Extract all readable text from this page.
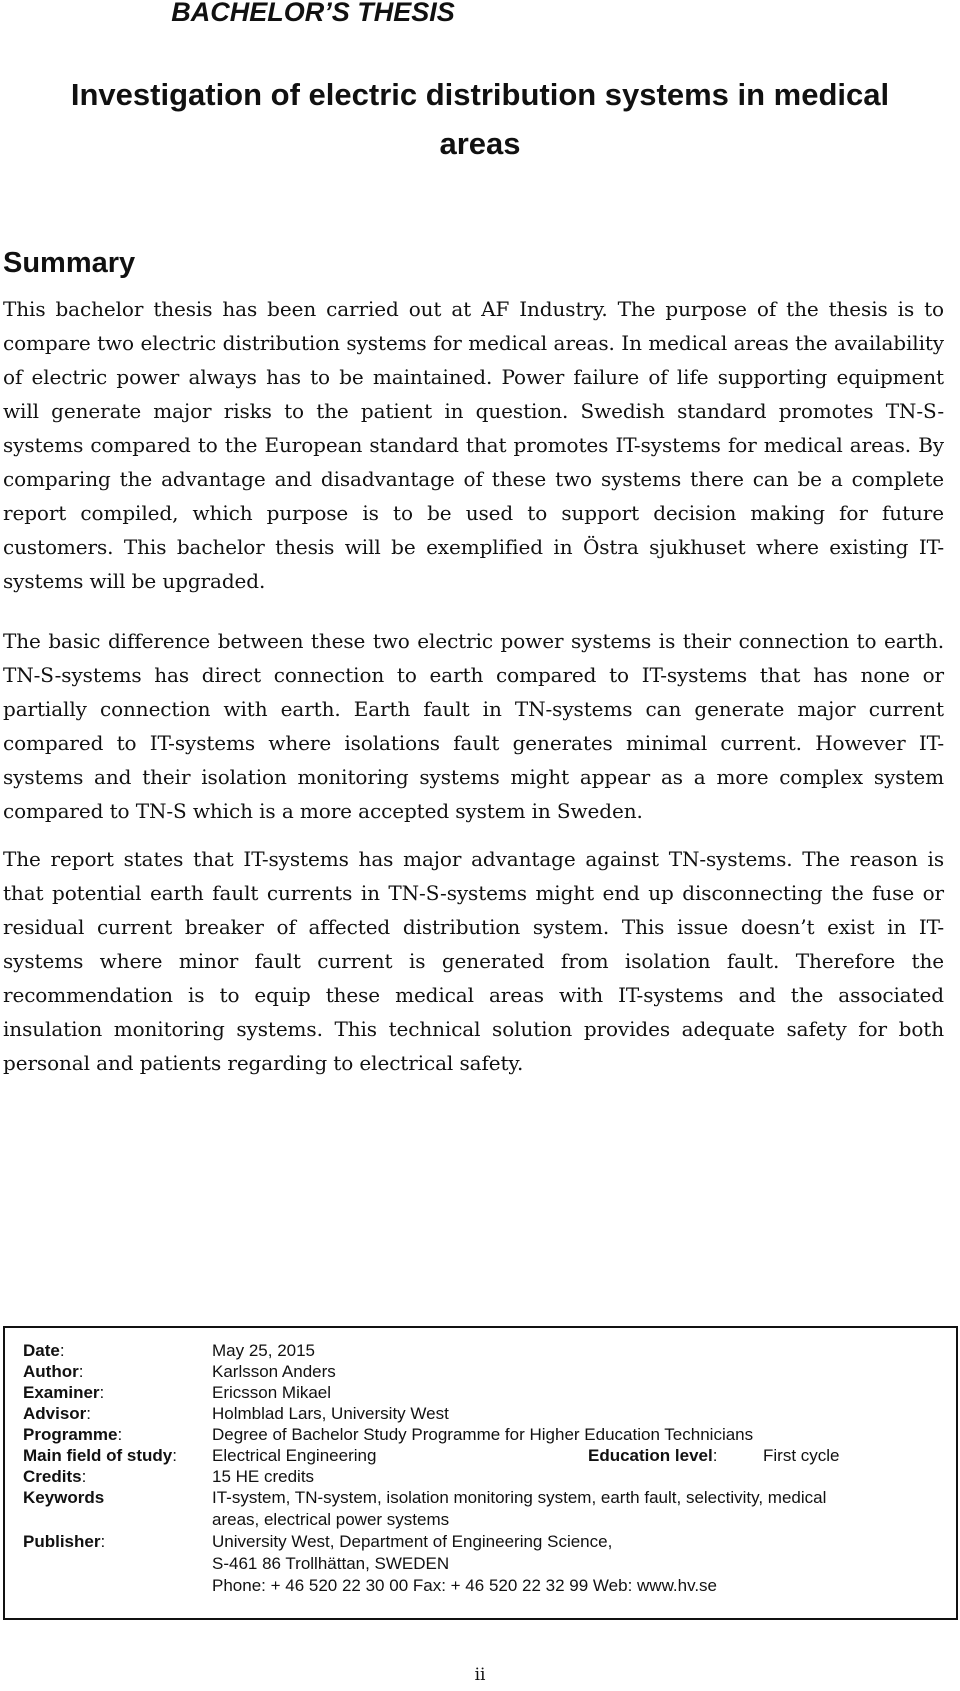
BACHELOR’S THESIS
Investigation of electric distribution systems in medical
areas
Summary

This bachelor thesis has been carried out at AF Industry. The purpose of the thesis is to compare two electric distribution systems for medical areas. In medical areas the availability of electric power always has to be maintained. Power failure of life supporting equipment will generate major risks to the patient in question. Swedish standard promotes TN-S-systems compared to the European standard that promotes IT-systems for medical areas. By comparing the advantage and disadvantage of these two systems there can be a complete report compiled, which purpose is to be used to support decision making for future customers. This bachelor thesis will be exemplified in Östra sjukhuset where existing IT-systems will be upgraded.

The basic difference between these two electric power systems is their connection to earth. TN-S-systems has direct connection to earth compared to IT-systems that has none or partially connection with earth. Earth fault in TN-systems can generate major current compared to IT-systems where isolations fault generates minimal current. However IT-systems and their isolation monitoring systems might appear as a more complex system compared to TN-S which is a more accepted system in Sweden.

The report states that IT-systems has major advantage against TN-systems. The reason is that potential earth fault currents in TN-S-systems might end up disconnecting the fuse or residual current breaker of affected distribution system. This issue doesn’t exist in IT-systems where minor fault current is generated from isolation fault. Therefore the recommendation is to equip these medical areas with IT-systems and the associated insulation monitoring systems. This technical solution provides adequate safety for both personal and patients regarding to electrical safety.

Date:	May 25, 2015
Author:	Karlsson Anders
Examiner:	Ericsson Mikael
Advisor:	Holmblad Lars, University West
Programme:	Degree of Bachelor Study Programme for Higher Education Technicians
Main field of study: Electrical Engineering	Education level:	First cycle
Credits:	15 HE credits
Keywords	IT-system, TN-system, isolation monitoring system, earth fault, selectivity, medical
areas, electrical power systems
Publisher:	University West, Department of Engineering Science,
S-461 86 Trollhättan, SWEDEN
Phone: + 46 520 22 30 00 Fax: + 46 520 22 32 99 Web: www.hv.se
ii
